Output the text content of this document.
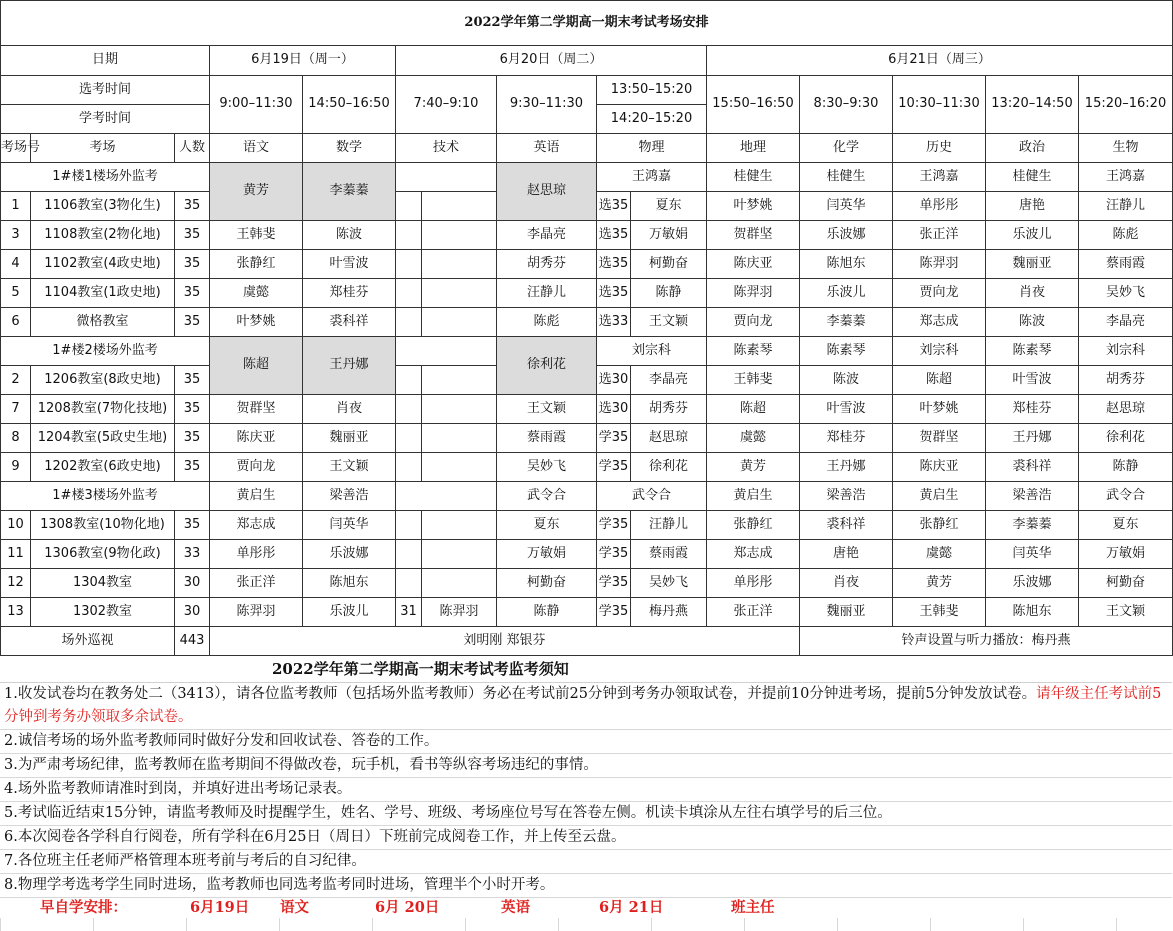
2022学年第二学期高一期末考试考场安排														
日期			6月19日（周一）		6月20日（周二）					6月21日（周三）				
选考时间			9:00–11:30	14:50–16:50	7:40–9:10		9:30–11:30	13:50–15:20		15:50–16:50	8:30–9:30	10:30–11:30	13:20–14:50	15:20–16:20
学考时间								14:20–15:20						
考场号	考场	人数	语文	数学	技术		英语	物理		地理	化学	历史	政治	生物
1#楼1楼场外监考			黄芳	李蓁蓁			赵思琼	王鸿嘉		桂健生	桂健生	王鸿嘉	桂健生	王鸿嘉
1	1106教室(3物化生)	35						选35	夏东	叶梦姚	闫英华	单彤彤	唐艳	汪静儿
3	1108教室(2物化地)	35	王韩斐	陈波			李晶亮	选35	万敏娟	贺群坚	乐波娜	张正洋	乐波儿	陈彪
4	1102教室(4政史地)	35	张静红	叶雪波			胡秀芬	选35	柯勤奋	陈庆亚	陈旭东	陈羿羽	魏丽亚	蔡雨霞
5	1104教室(1政史地)	35	虞懿	郑桂芬			汪静儿	选35	陈静	陈羿羽	乐波儿	贾向龙	肖夜	吴妙飞
6	微格教室	35	叶梦姚	裘科祥			陈彪	选33	王文颖	贾向龙	李蓁蓁	郑志成	陈波	李晶亮
1#楼2楼场外监考			陈超	王丹娜			徐利花	刘宗科		陈素琴	陈素琴	刘宗科	陈素琴	刘宗科
2	1206教室(8政史地)	35						选30	李晶亮	王韩斐	陈波	陈超	叶雪波	胡秀芬
7	1208教室(7物化技地)	35	贺群坚	肖夜			王文颖	选30	胡秀芬	陈超	叶雪波	叶梦姚	郑桂芬	赵思琼
8	1204教室(5政史生地)	35	陈庆亚	魏丽亚			蔡雨霞	学35	赵思琼	虞懿	郑桂芬	贺群坚	王丹娜	徐利花
9	1202教室(6政史地)	35	贾向龙	王文颖			吴妙飞	学35	徐利花	黄芳	王丹娜	陈庆亚	裘科祥	陈静
1#楼3楼场外监考			黄启生	梁善浩			武令合	武令合		黄启生	梁善浩	黄启生	梁善浩	武令合
10	1308教室(10物化地)	35	郑志成	闫英华			夏东	学35	汪静儿	张静红	裘科祥	张静红	李蓁蓁	夏东
11	1306教室(9物化政)	33	单彤彤	乐波娜			万敏娟	学35	蔡雨霞	郑志成	唐艳	虞懿	闫英华	万敏娟
12	1304教室	30	张正洋	陈旭东			柯勤奋	学35	吴妙飞	单彤彤	肖夜	黄芳	乐波娜	柯勤奋
13	1302教室	30	陈羿羽	乐波儿	31	陈羿羽	陈静	学35	梅丹燕	张正洋	魏丽亚	王韩斐	陈旭东	王文颖
场外巡视		443	刘明刚 郑银芬								铃声设置与听力播放：梅丹燕			
2022学年第二学期高一期末考试考监考须知
1.收发试卷均在教务处二（3413），请各位监考教师（包括场外监考教师）务必在考试前25分钟到考务办领取试卷，并提前10分钟进考场，提前5分钟发放试卷。请年级主任考试前5分钟到考务办领取多余试卷。
2.诚信考场的场外监考教师同时做好分发和回收试卷、答卷的工作。
3.为严肃考场纪律，监考教师在监考期间不得做改卷，玩手机，看书等纵容考场违纪的事情。
4.场外监考教师请准时到岗，并填好进出考场记录表。
5.考试临近结束15分钟，请监考教师及时提醒学生，姓名、学号、班级、考场座位号写在答卷左侧。机读卡填涂从左往右填学号的后三位。
6.本次阅卷各学科自行阅卷，所有学科在6月25日（周日）下班前完成阅卷工作，并上传至云盘。
7.各位班主任老师严格管理本班考前与考后的自习纪律。
8.物理学考选考学生同时进场，监考教师也同选考监考同时进场，管理半个小时开考。
早自学安排：	6月19日 语文	6月 20日	英语	6月 21日	班主任
